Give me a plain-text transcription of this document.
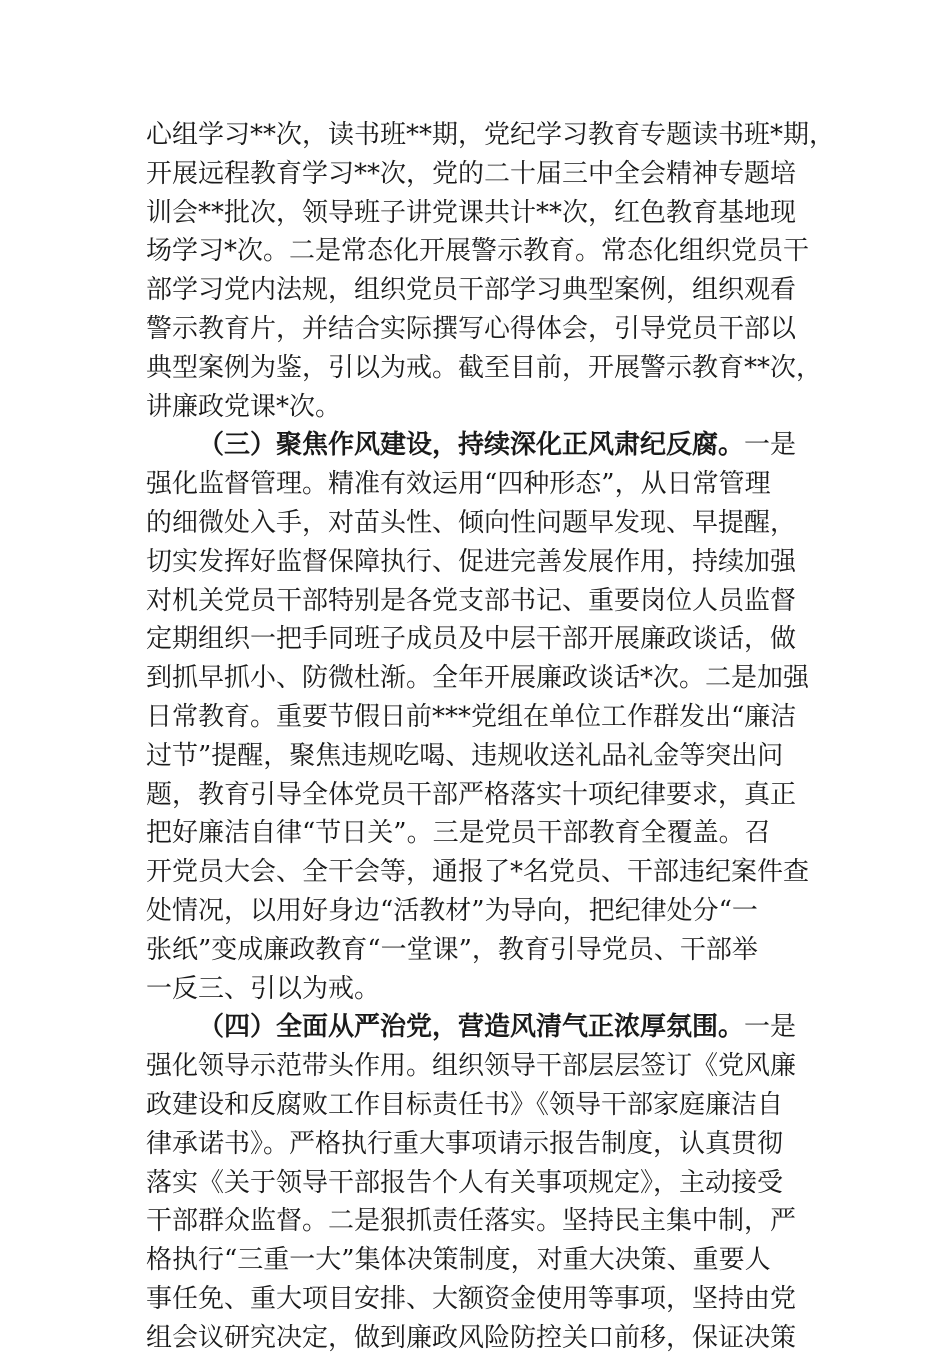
心组学习**次，读书班**期，党纪学习教育专题读书班*期，
开展远程教育学习**次，党的二十届三中全会精神专题培
训会**批次，领导班子讲党课共计**次，红色教育基地现
场学习*次。二是常态化开展警示教育。常态化组织党员干
部学习党内法规，组织党员干部学习典型案例，组织观看
警示教育片，并结合实际撰写心得体会，引导党员干部以
典型案例为鉴，引以为戒。截至目前，开展警示教育**次，
讲廉政党课*次。
（三）聚焦作风建设，持续深化正风肃纪反腐。一是
强化监督管理。精准有效运用“四种形态”，从日常管理
的细微处入手，对苗头性、倾向性问题早发现、早提醒，
切实发挥好监督保障执行、促进完善发展作用，持续加强
对机关党员干部特别是各党支部书记、重要岗位人员监督
定期组织一把手同班子成员及中层干部开展廉政谈话，做
到抓早抓小、防微杜渐。全年开展廉政谈话*次。二是加强
日常教育。重要节假日前***党组在单位工作群发出“廉洁
过节”提醒，聚焦违规吃喝、违规收送礼品礼金等突出问
题，教育引导全体党员干部严格落实十项纪律要求，真正
把好廉洁自律“节日关”。三是党员干部教育全覆盖。召
开党员大会、全干会等，通报了*名党员、干部违纪案件查
处情况，以用好身边“活教材”为导向，把纪律处分“一
张纸”变成廉政教育“一堂课”，教育引导党员、干部举
一反三、引以为戒。
（四）全面从严治党，营造风清气正浓厚氛围。一是
强化领导示范带头作用。组织领导干部层层签订《党风廉
政建设和反腐败工作目标责任书》《领导干部家庭廉洁自
律承诺书》。严格执行重大事项请示报告制度，认真贯彻
落实《关于领导干部报告个人有关事项规定》，主动接受
干部群众监督。二是狠抓责任落实。坚持民主集中制，严
格执行“三重一大”集体决策制度，对重大决策、重要人
事任免、重大项目安排、大额资金使用等事项，坚持由党
组会议研究决定，做到廉政风险防控关口前移，保证决策
